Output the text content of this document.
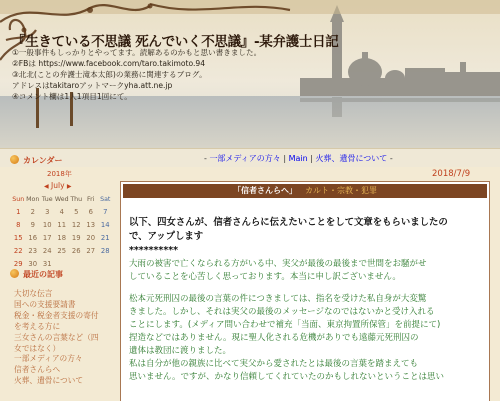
『生きている不思議 死んでいく不思議』-某弁護士日記
①一般事件もしっかりとやってます。読解あるのかもと思い書きました。
②FBは https://www.facebook.com/taro.takimoto.94
③北北(ことの弁護士滝本太郎)の業務に関連するブログ。
アドレスはtakitaroアットマークyha.att.ne.jp
④コメント欄は1人1項目1回にて。
- 一部メディアの方々 | Main | 火葬、遺骨について -
カレンダー
2018年
◀ July ▶
Sun Mon Tue Wed Thu Fri Sat
1	2	3	4	5	6	7
8	9	10 11 12 13 14
15 16 17 18 19 20 21
22 23 24 25 26 27 28
29 30 31
最近の記事
大切な伝言
国への支援要請書
税金・税金者支援の寄付
を考える方に
三女さんの言葉など（四
女ではなく）
一部メディアの方々
信者さんらへ
火葬、遺骨について
2018/7/9
「信者さんらへ」 カルト・宗教・犯罪

以下、四女さんが、信者さんらに伝えたいことをして文章をもらいましたの

で、アップします

**********

大雨の被害で亡くなられる方がいる中、実父が最後の最後まで世間をお騒がせ

していることを心苦しく思っております。本当に申し訳ございません。

松本元死刑囚の最後の言葉の件につきましては、指名を受けた私自身が大変驚

きました。しかし、それは実父の最後のメッセージなのではないかと受け入れる

ことにします。(メディア問い合わせで補充「当面、東京拘置所保管」を前提にて)

捏造などではありません。現に聖人化される危機がありでも遠藤元死刑囚の

遺体は教団に渡りました。

私は自分が他の親族に比べて実父から愛されたとは最後の言葉を踏まえても

思いません。ですが、かなり信頼してくれていたのかもしれないということは思い
